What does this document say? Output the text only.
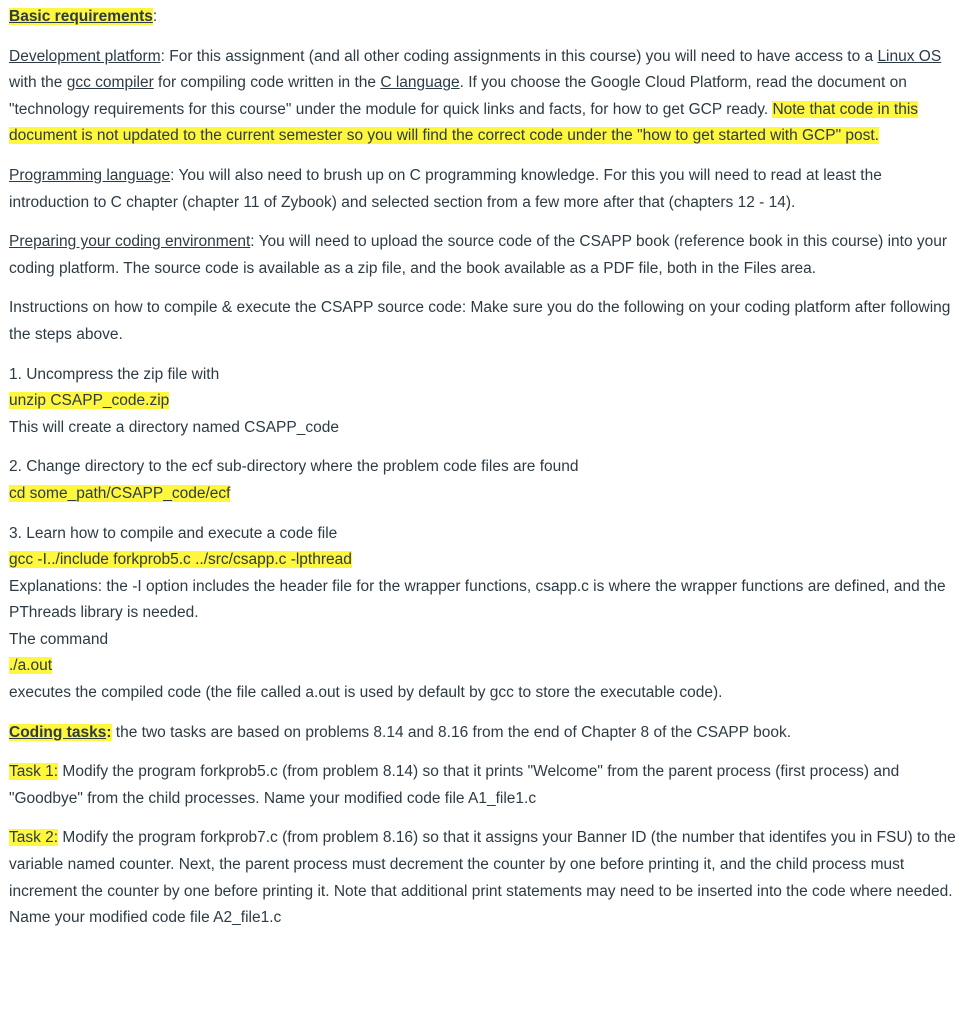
Basic requirements:

Development platform: For this assignment (and all other coding assignments in this course) you will need to have access to a Linux OS with the gcc compiler for compiling code written in the C language. If you choose the Google Cloud Platform, read the document on "technology requirements for this course" under the module for quick links and facts, for how to get GCP ready. Note that code in this document is not updated to the current semester so you will find the correct code under the "how to get started with GCP" post.

Programming language: You will also need to brush up on C programming knowledge. For this you will need to read at least the introduction to C chapter (chapter 11 of Zybook) and selected section from a few more after that (chapters 12 - 14).

Preparing your coding environment: You will need to upload the source code of the CSAPP book (reference book in this course) into your coding platform. The source code is available as a zip file, and the book available as a PDF file, both in the Files area.

Instructions on how to compile & execute the CSAPP source code: Make sure you do the following on your coding platform after following the steps above.

1. Uncompress the zip file with

unzip CSAPP_code.zip

This will create a directory named CSAPP_code

2. Change directory to the ecf sub-directory where the problem code files are found

cd some_path/CSAPP_code/ecf

3. Learn how to compile and execute a code file

gcc -I../include forkprob5.c ../src/csapp.c -lpthread

Explanations: the -I option includes the header file for the wrapper functions, csapp.c is where the wrapper functions are defined, and the PThreads library is needed.

The command

./a.out

executes the compiled code (the file called a.out is used by default by gcc to store the executable code).

Coding tasks: the two tasks are based on problems 8.14 and 8.16 from the end of Chapter 8 of the CSAPP book.

Task 1: Modify the program forkprob5.c (from problem 8.14) so that it prints "Welcome" from the parent process (first process) and "Goodbye" from the child processes. Name your modified code file A1_file1.c

Task 2: Modify the program forkprob7.c (from problem 8.16) so that it assigns your Banner ID (the number that identifes you in FSU) to the variable named counter. Next, the parent process must decrement the counter by one before printing it, and the child process must increment the counter by one before printing it. Note that additional print statements may need to be inserted into the code where needed. Name your modified code file A2_file1.c
